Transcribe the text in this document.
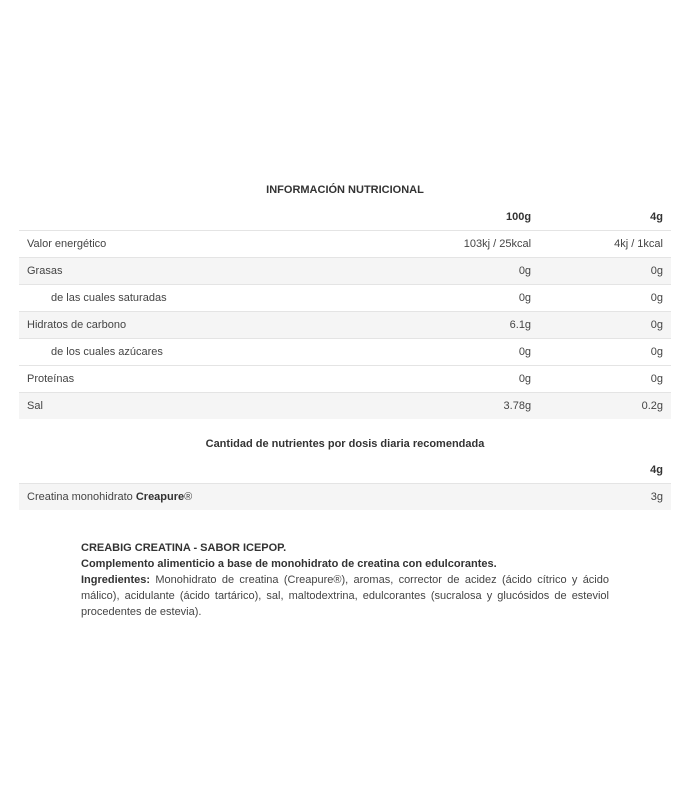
INFORMACIÓN NUTRICIONAL
	100g	4g
Valor energético	103kj / 25kcal	4kj / 1kcal
Grasas	0g	0g
de las cuales saturadas	0g	0g
Hidratos de carbono	6.1g	0g
de los cuales azúcares	0g	0g
Proteínas	0g	0g
Sal	3.78g	0.2g
Cantidad de nutrientes por dosis diaria recomendada
	4g
Creatina monohidrato Creapure®	3g
CREABIG CREATINA - SABOR ICEPOP.
Complemento alimenticio a base de monohidrato de creatina con edulcorantes.
Ingredientes: Monohidrato de creatina (Creapure®), aromas, corrector de acidez (ácido cítrico y ácido málico), acidulante (ácido tartárico), sal, maltodextrina, edulcorantes (sucralosa y glucósidos de esteviol procedentes de estevia).
